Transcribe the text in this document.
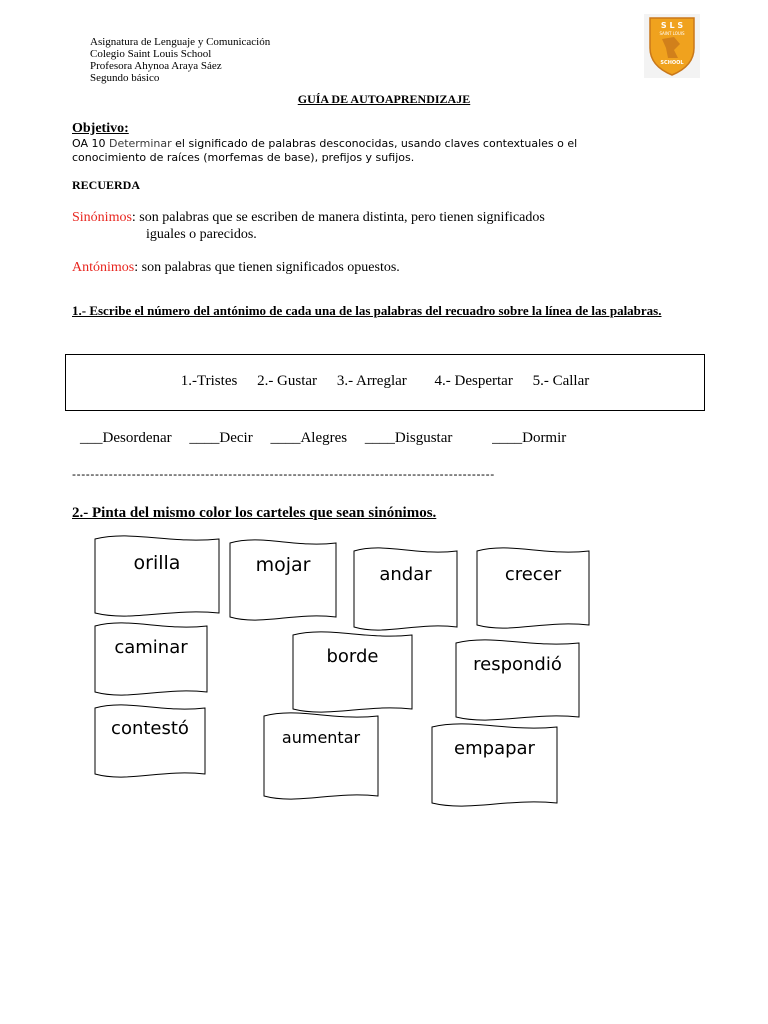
Asignatura de Lenguaje y Comunicación
Colegio Saint Louis School
Profesora Ahynoa Araya Sáez
Segundo básico
S L S
SAINT LOUIS
SCHOOL
GUÍA DE AUTOAPRENDIZAJE
Objetivo:
OA 10 Determinar el significado de palabras desconocidas, usando claves contextuales o el conocimiento de raíces (morfemas de base), prefijos y sufijos.
RECUERDA
Sinónimos: son palabras que se escriben de manera distinta, pero tienen significados
iguales o parecidos.
Antónimos: son palabras que tienen significados opuestos.
1.- Escribe el número del antónimo de cada una de las palabras del recuadro sobre la línea de las palabras.
1.-Tristes 2.- Gustar 3.- Arreglar 4.- Despertar 5.- Callar
___Desordenar ____Decir ____Alegres ____Disgustar	____Dormir
--------------------------------------------------------------------------------------------
2.- Pinta del mismo color los carteles que sean sinónimos.
orilla	mojar	andar	crecer
caminar	borde	respondió
contestó	aumentar
empapar
